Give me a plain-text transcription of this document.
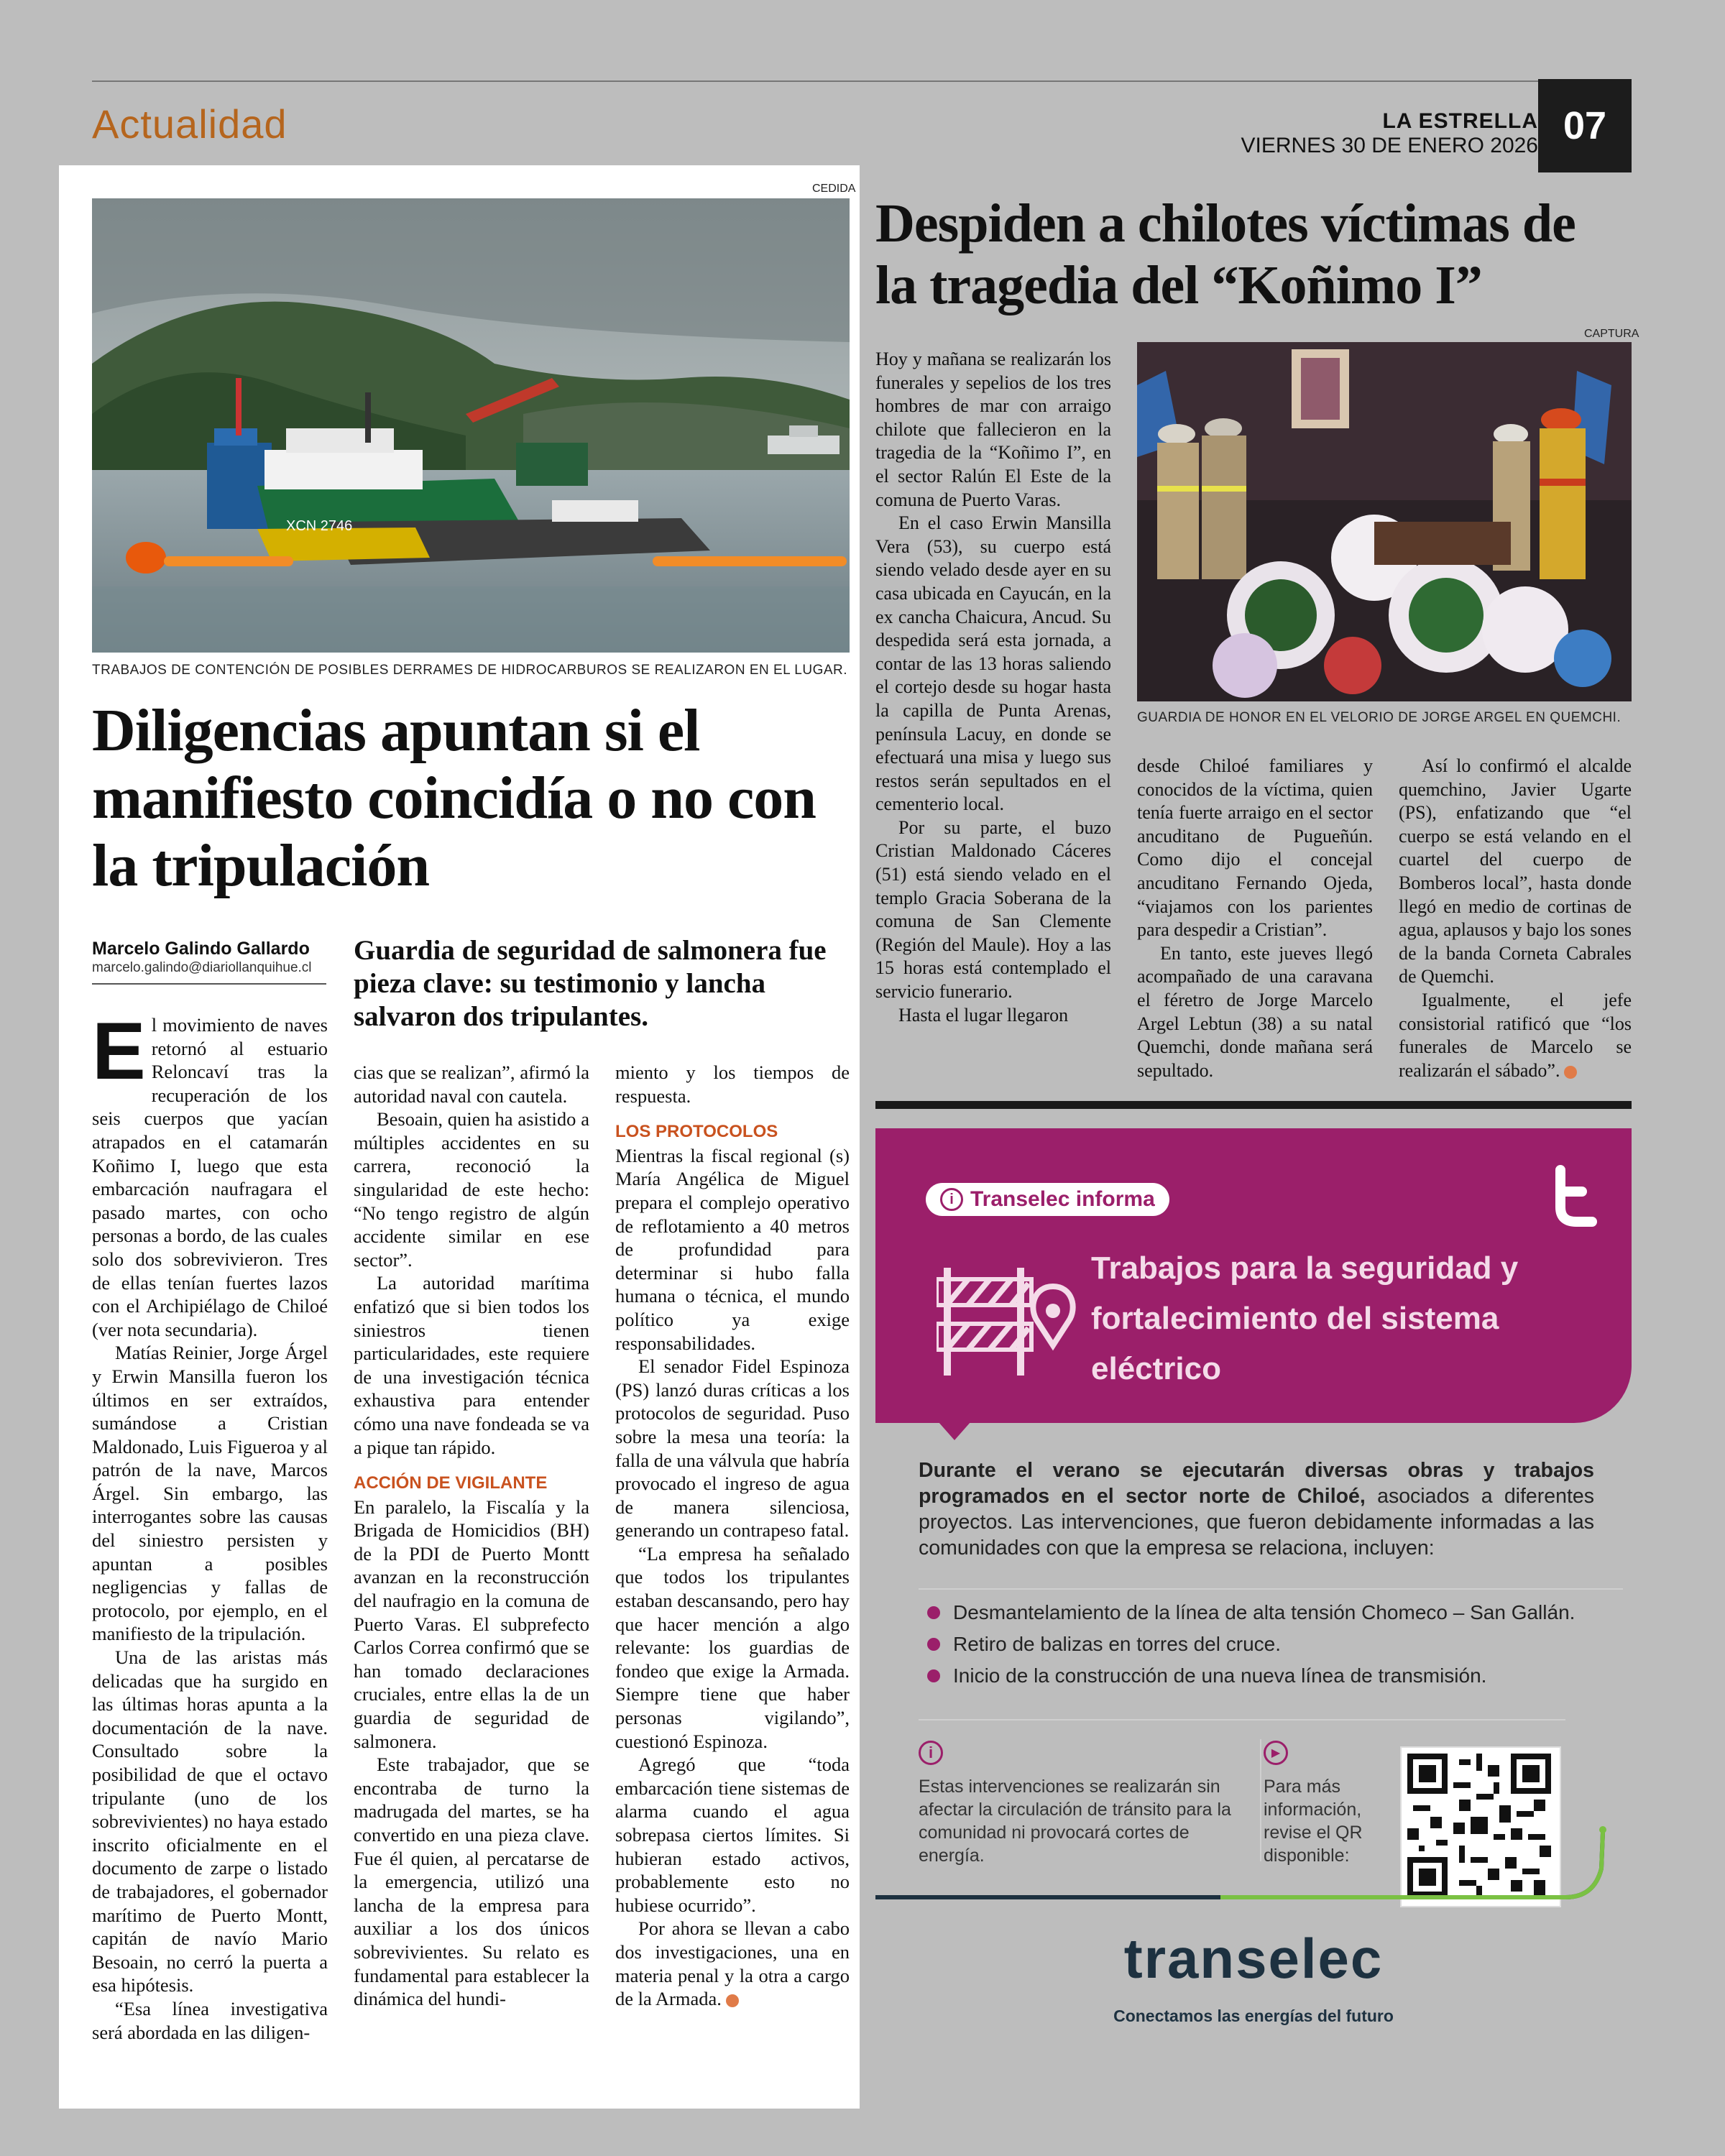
Actualidad	LA ESTRELLA
VIERNES 30 DE ENERO 2026 07
CEDIDA
XCN 2746
TRABAJOS DE CONTENCIÓN DE POSIBLES DERRAMES DE HIDROCARBUROS SE REALIZARON EN EL LUGAR.
Diligencias apuntan si el manifiesto coincidía o no con la tripulación
Marcelo Galindo Gallardo
marcelo.galindo@diariollanquihue.cl
Guardia de seguridad de salmonera fue pieza clave: su testimonio y lancha salvaron dos tripulantes.

El movimiento de naves retornó al estuario Reloncaví tras la recuperación de los seis cuerpos que yacían atrapados en el catamarán Koñimo I, luego que esta embarcación naufragara el pasado martes, con ocho personas a bordo, de las cuales solo dos sobrevivieron. Tres de ellas tenían fuertes lazos con el Archipiélago de Chiloé (ver nota secundaria).

Matías Reinier, Jorge Árgel y Erwin Mansilla fueron los últimos en ser extraídos, sumándose a Cristian Maldonado, Luis Figueroa y al patrón de la nave, Marcos Árgel. Sin embargo, las interrogantes sobre las causas del siniestro persisten y apuntan a posibles negligencias y fallas de protocolo, por ejemplo, en el manifiesto de la tripulación.

Una de las aristas más delicadas que ha surgido en las últimas horas apunta a la documentación de la nave. Consultado sobre la posibilidad de que el octavo tripulante (uno de los sobrevivientes) no haya estado inscrito oficialmente en el documento de zarpe o listado de trabajadores, el gobernador marítimo de Puerto Montt, capitán de navío Mario Besoain, no cerró la puerta a esa hipótesis.

“Esa línea investigativa será abordada en las diligen-

cias que se realizan”, afirmó la autoridad naval con cautela.

Besoain, quien ha asistido a múltiples accidentes en su carrera, reconoció la singularidad de este hecho: “No tengo registro de algún accidente similar en ese sector”.

La autoridad marítima enfatizó que si bien todos los siniestros tienen particularidades, este requiere de una investigación técnica exhaustiva para entender cómo una nave fondeada se va a pique tan rápido.

ACCIÓN DE VIGILANTE

En paralelo, la Fiscalía y la Brigada de Homicidios (BH) de la PDI de Puerto Montt avanzan en la reconstrucción del naufragio en la comuna de Puerto Varas. El subprefecto Carlos Correa confirmó que se han tomado declaraciones cruciales, entre ellas la de un guardia de seguridad de salmonera.

Este trabajador, que se encontraba de turno la madrugada del martes, se ha convertido en una pieza clave. Fue él quien, al percatarse de la emergencia, utilizó una lancha de la empresa para auxiliar a los dos únicos sobrevivientes. Su relato es fundamental para establecer la dinámica del hundi-

miento y los tiempos de respuesta.

LOS PROTOCOLOS

Mientras la fiscal regional (s) María Angélica de Miguel prepara el complejo operativo de reflotamiento a 40 metros de profundidad para determinar si hubo falla humana o técnica, el mundo político ya exige responsabilidades.

El senador Fidel Espinoza (PS) lanzó duras críticas a los protocolos de seguridad. Puso sobre la mesa una teoría: la falla de una válvula que habría provocado el ingreso de agua de manera silenciosa, generando un contrapeso fatal.

“La empresa ha señalado que todos los tripulantes estaban descansando, pero hay que hacer mención a algo relevante: los guardias de fondeo que exige la Armada. Siempre tiene que haber personas vigilando”, cuestionó Espinoza.

Agregó que “toda embarcación tiene sistemas de alarma cuando el agua sobrepasa ciertos límites. Si hubieran estado activos, probablemente esto no hubiese ocurrido”.

Por ahora se llevan a cabo dos investigaciones, una en materia penal y la otra a cargo de la Armada.

Despiden a chilotes víctimas de la tragedia del “Koñimo I”
CAPTURA
GUARDIA DE HONOR EN EL VELORIO DE JORGE ARGEL EN QUEMCHI.

Hoy y mañana se realizarán los funerales y sepelios de los tres hombres de mar con arraigo chilote que fallecieron en la tragedia de la “Koñimo I”, en el sector Ralún El Este de la comuna de Puerto Varas.

En el caso Erwin Mansilla Vera (53), su cuerpo está siendo velado desde ayer en su casa ubicada en Cayucán, en la ex cancha Chaicura, Ancud. Su despedida será esta jornada, a contar de las 13 horas saliendo el cortejo desde su hogar hasta la capilla de Punta Arenas, península Lacuy, en donde se efectuará una misa y luego sus restos serán sepultados en el cementerio local.

Por su parte, el buzo Cristian Maldonado Cáceres (51) está siendo velado en el templo Gracia Soberana de la comuna de San Clemente (Región del Maule). Hoy a las 15 horas está contemplado el servicio funerario.

Hasta el lugar llegaron

desde Chiloé familiares y conocidos de la víctima, quien tenía fuerte arraigo en el sector ancuditano de Pugueñún. Como dijo el concejal ancuditano Fernando Ojeda, “viajamos con los parientes para despedir a Cristian”.

En tanto, este jueves llegó acompañado de una caravana el féretro de Jorge Marcelo Argel Lebtun (38) a su natal Quemchi, donde mañana será sepultado.

Así lo confirmó el alcalde quemchino, Javier Ugarte (PS), enfatizando que “el cuerpo se está velando en el cuartel del cuerpo de Bomberos local”, hasta donde llegó en medio de cortinas de agua, aplausos y bajo los sones de la banda Corneta Cabrales de Quemchi.

Igualmente, el jefe consistorial ratificó que “los funerales de Marcelo se realizarán el sábado”.

i Transelec informa
Trabajos para la seguridad y fortalecimiento del sistema eléctrico
Durante el verano se ejecutarán diversas obras y trabajos programados en el sector norte de Chiloé, asociados a diferentes proyectos. Las intervenciones, que fueron debidamente informadas a las comunidades con que la empresa se relaciona, incluyen:
Desmantelamiento de la línea de alta tensión Chomeco – San Gallán.
Retiro de balizas en torres del cruce.
Inicio de la construcción de una nueva línea de transmisión.
i
Estas intervenciones se realizarán sin afectar la circulación de tránsito para la comunidad ni provocará cortes de energía.
▶
Para más información, revise el QR disponible:
transelec
Conectamos las energías del futuro
